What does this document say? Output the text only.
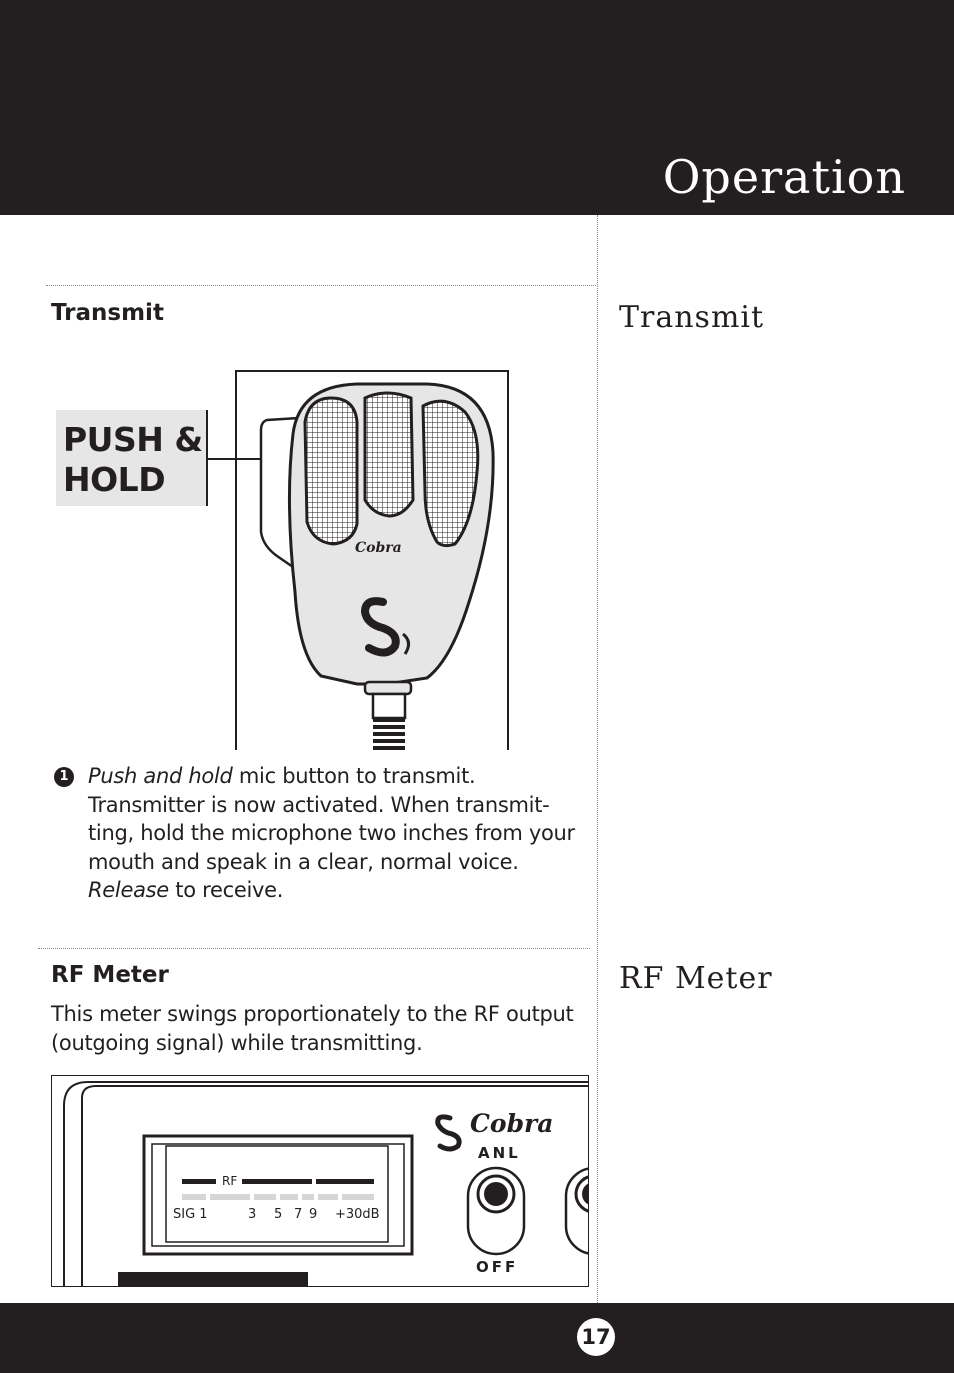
Operation
Transmit	Transmit
PUSH &
HOLD
Cobra
1 Push and hold mic button to transmit. Transmitter is now activated. When transmit-ting, hold the microphone two inches from your mouth and speak in a clear, normal voice. Release to receive.
RF Meter	RF Meter
This meter swings proportionately to the RF output (outgoing signal) while transmitting.
Cobra
RF
SIG 1	3 5 7 9 +30dB
ANL
OFF
17
